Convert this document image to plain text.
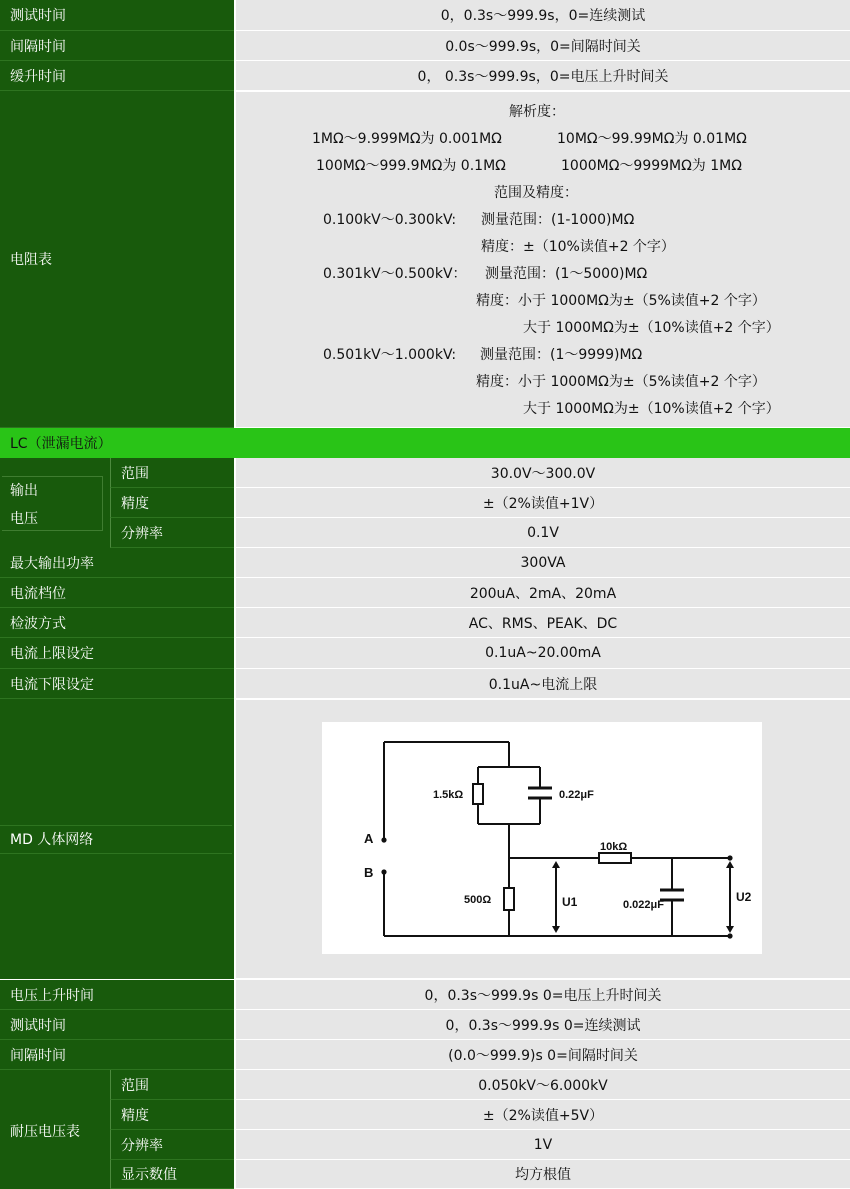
测试时间	0，0.3s～999.9s，0=连续测试
间隔时间	0.0s～999.9s，0=间隔时间关
缓升时间	0， 0.3s～999.9s，0=电压上升时间关
电阻表
解析度：
1MΩ～9.999MΩ为 0.001MΩ	10MΩ～99.99MΩ为 0.01MΩ
100MΩ～999.9MΩ为 0.1MΩ	1000MΩ～9999MΩ为 1MΩ
范围及精度：
0.100kV～0.300kV: 测量范围：(1-1000)MΩ
精度：±（10%读值+2 个字）
0.301kV～0.500kV： 测量范围：(1～5000)MΩ
精度：小于 1000MΩ为±（5%读值+2 个字）
大于 1000MΩ为±（10%读值+2 个字）
0.501kV～1.000kV: 测量范围：(1～9999)MΩ
精度：小于 1000MΩ为±（5%读值+2 个字）
大于 1000MΩ为±（10%读值+2 个字）
LC（泄漏电流）
输出
电压
范围	30.0V～300.0V
精度	±（2%读值+1V）
分辨率	0.1V
最大输出功率	300VA
电流档位	200uA、2mA、20mA
检波方式	AC、RMS、PEAK、DC
电流上限设定	0.1uA~20.00mA
电流下限设定	0.1uA~电流上限
MD 人体网络
1.5kΩ	0.22μF
500Ω
10kΩ
0.022μF
A
B
U1	U2
电压上升时间	0，0.3s～999.9s 0=电压上升时间关
测试时间	0，0.3s～999.9s 0=连续测试
间隔时间	(0.0～999.9)s 0=间隔时间关
耐压电压表
范围	0.050kV～6.000kV
精度	±（2%读值+5V）
分辨率	1V
显示数值	均方根值
